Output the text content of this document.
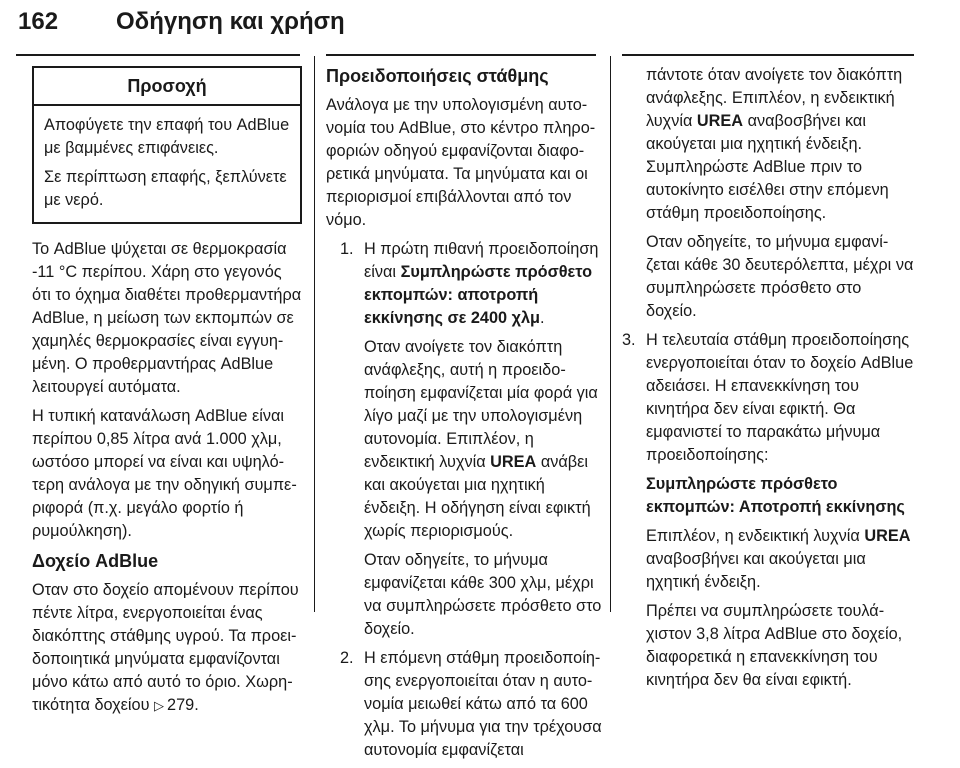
162 Οδήγηση και χρήση
Προσοχή

Αποφύγετε την επαφή του AdBlue με βαμμένες επιφάνειες.

Σε περίπτωση επαφής, ξεπλύνετε με νερό.

Το AdBlue ψύχεται σε θερμοκρασία -11 °C περίπου. Χάρη στο γεγονός ότι το όχημα διαθέτει προθερμαντήρα AdBlue, η μείωση των εκπομπών σε χαμηλές θερμοκρασίες είναι εγγυημένη. Ο προθερμαντήρας AdBlue λειτουργεί αυτόματα.

Η τυπική κατανάλωση AdBlue είναι περίπου 0,85 λίτρα ανά 1.000 χλμ, ωστόσο μπορεί να είναι και υψηλότερη ανάλογα με την οδηγική συμπεριφορά (π.χ. μεγάλο φορτίο ή ρυμούλκηση).

Δοχείο AdBlue

Οταν στο δοχείο απομένουν περίπου πέντε λίτρα, ενεργοποιείται ένας διακόπτης στάθμης υγρού. Τα προειδοποιητικά μηνύματα εμφανίζονται μόνο κάτω από αυτό το όριο. Χωρητικότητα δοχείου ▷ 279.

Προειδοποιήσεις στάθμης

Ανάλογα με την υπολογισμένη αυτονομία του AdBlue, στο κέντρο πληροφοριών οδηγού εμφανίζονται διαφορετικά μηνύματα. Τα μηνύματα και οι περιορισμοί επιβάλλονται από τον νόμο.

1. Η πρώτη πιθανή προειδοποίηση είναι Συμπληρώστε πρόσθετο εκπομπών: αποτροπή εκκίνησης σε 2400 χλμ.

Οταν ανοίγετε τον διακόπτη ανάφλεξης, αυτή η προειδοποίηση εμφανίζεται μία φορά για λίγο μαζί με την υπολογισμένη αυτονομία. Επιπλέον, η ενδεικτική λυχνία UREA ανάβει και ακούγεται μια ηχητική ένδειξη. Η οδήγηση είναι εφικτή χωρίς περιορισμούς.

Οταν οδηγείτε, το μήνυμα εμφανίζεται κάθε 300 χλμ, μέχρι να συμπληρώσετε πρόσθετο στο δοχείο.

2. Η επόμενη στάθμη προειδοποίησης ενεργοποιείται όταν η αυτονομία μειωθεί κάτω από τα 600 χλμ. Το μήνυμα για την τρέχουσα αυτονομία εμφανίζεται

πάντοτε όταν ανοίγετε τον διακόπτη ανάφλεξης. Επιπλέον, η ενδεικτική λυχνία UREA αναβοσβήνει και ακούγεται μια ηχητική ένδειξη. Συμπληρώστε AdBlue πριν το αυτοκίνητο εισέλθει στην επόμενη στάθμη προειδοποίησης.

Οταν οδηγείτε, το μήνυμα εμφανίζεται κάθε 30 δευτερόλεπτα, μέχρι να συμπληρώσετε πρόσθετο στο δοχείο.

3. Η τελευταία στάθμη προειδοποίησης ενεργοποιείται όταν το δοχείο AdBlue αδειάσει. Η επανεκκίνηση του κινητήρα δεν είναι εφικτή. Θα εμφανιστεί το παρακάτω μήνυμα προειδοποίησης:

Συμπληρώστε πρόσθετο εκπομπών: Αποτροπή εκκίνησης

Επιπλέον, η ενδεικτική λυχνία UREA αναβοσβήνει και ακούγεται μια ηχητική ένδειξη.

Πρέπει να συμπληρώσετε τουλάχιστον 3,8 λίτρα AdBlue στο δοχείο, διαφορετικά η επανεκκίνηση του κινητήρα δεν θα είναι εφικτή.
